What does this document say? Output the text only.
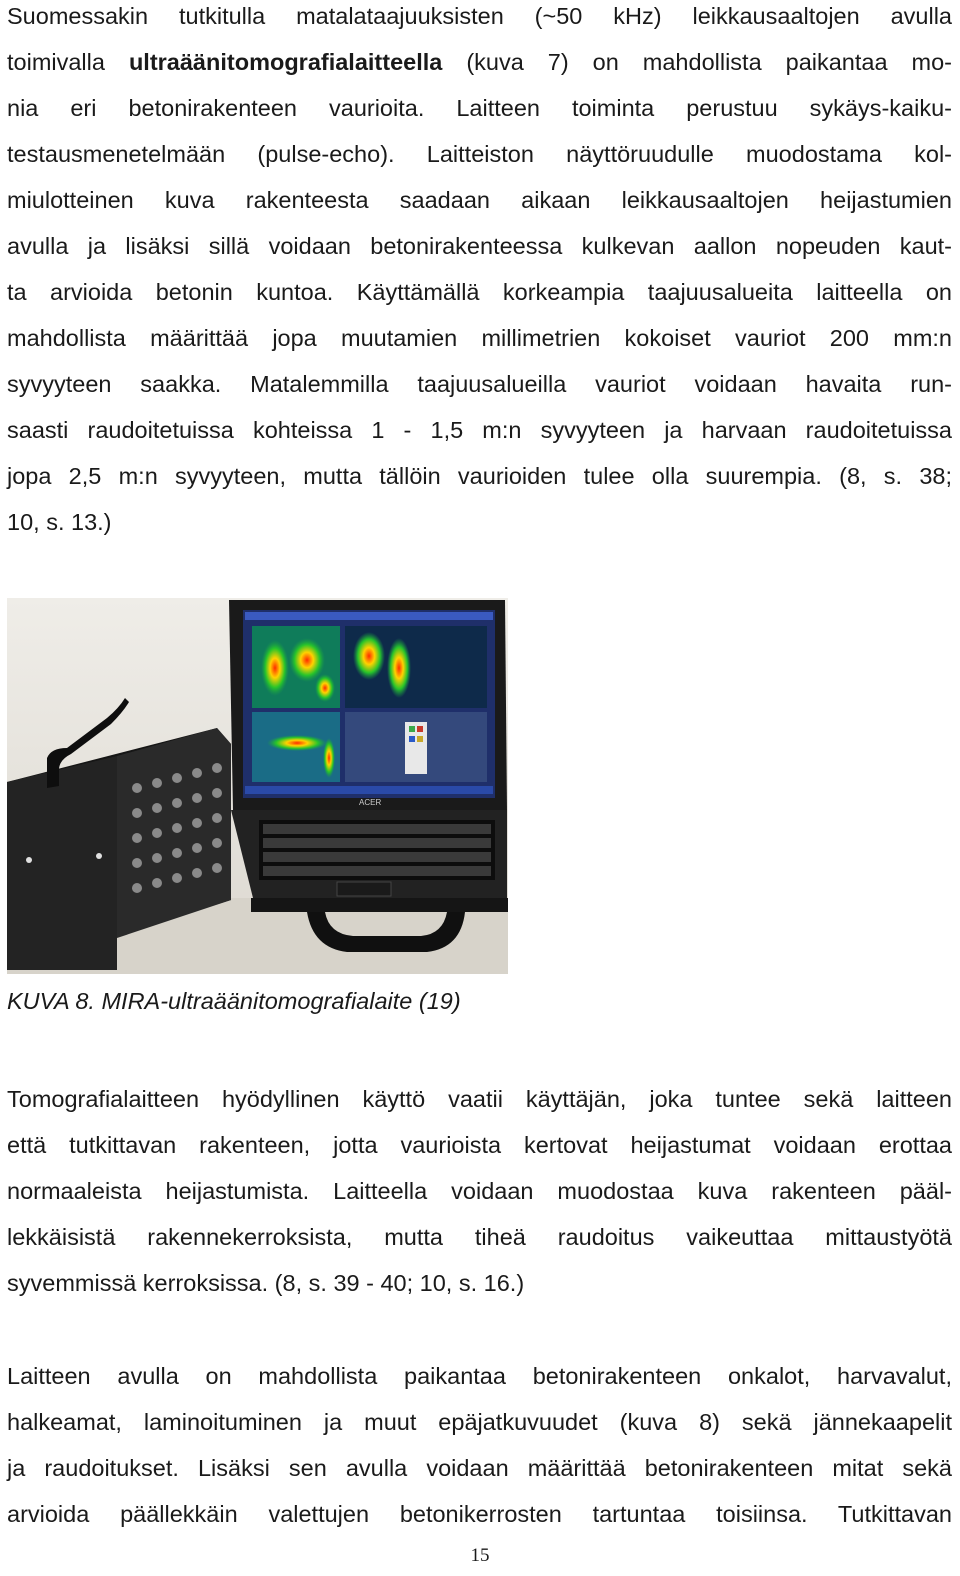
Suomessakin tutkitulla matalataajuuksisten (~50 kHz) leikkausaaltojen avulla
toimivalla ultraäänitomografialaitteella (kuva 7) on mahdollista paikantaa mo-
nia eri betonirakenteen vaurioita. Laitteen toiminta perustuu sykäys-kaiku-
testausmenetelmään (pulse-echo). Laitteiston näyttöruudulle muodostama kol-
miulotteinen kuva rakenteesta saadaan aikaan leikkausaaltojen heijastumien
avulla ja lisäksi sillä voidaan betonirakenteessa kulkevan aallon nopeuden kaut-
ta arvioida betonin kuntoa. Käyttämällä korkeampia taajuusalueita laitteella on
mahdollista määrittää jopa muutamien millimetrien kokoiset vauriot 200 mm:n
syvyyteen saakka. Matalemmilla taajuusalueilla vauriot voidaan havaita run-
saasti raudoitetuissa kohteissa 1 - 1,5 m:n syvyyteen ja harvaan raudoitetuissa
jopa 2,5 m:n syvyyteen, mutta tällöin vaurioiden tulee olla suurempia. (8, s. 38;
10, s. 13.)

ACER

KUVA 8. MIRA-ultraäänitomografialaite (19)

Tomografialaitteen hyödyllinen käyttö vaatii käyttäjän, joka tuntee sekä laitteen
että tutkittavan rakenteen, jotta vaurioista kertovat heijastumat voidaan erottaa
normaaleista heijastumista. Laitteella voidaan muodostaa kuva rakenteen pääl-
lekkäisistä rakennekerroksista, mutta tiheä raudoitus vaikeuttaa mittaustyötä
syvemmissä kerroksissa. (8, s. 39 - 40; 10, s. 16.)

Laitteen avulla on mahdollista paikantaa betonirakenteen onkalot, harvavalut,
halkeamat, laminoituminen ja muut epäjatkuvuudet (kuva 8) sekä jännekaapelit
ja raudoitukset. Lisäksi sen avulla voidaan määrittää betonirakenteen mitat sekä
arvioida päällekkäin valettujen betonikerrosten tartuntaa toisiinsa. Tutkittavan

15
